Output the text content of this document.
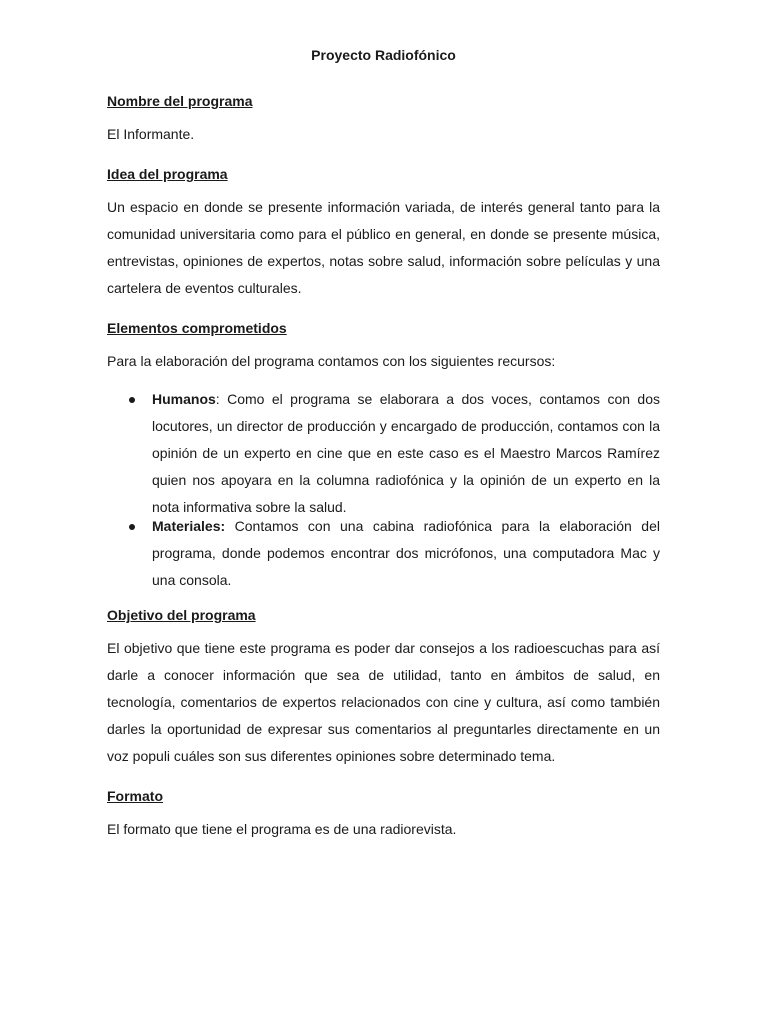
Proyecto Radiofónico
Nombre del programa

El Informante.

Idea del programa

Un espacio en donde se presente información variada, de interés general tanto para la comunidad universitaria como para el público en general, en donde se presente música, entrevistas, opiniones de expertos, notas sobre salud, información sobre películas y una cartelera de eventos culturales.

Elementos comprometidos

Para la elaboración del programa contamos con los siguientes recursos:

Humanos: Como el programa se elaborara a dos voces, contamos con dos locutores, un director de producción y encargado de producción, contamos con la opinión de un experto en cine que en este caso es el Maestro Marcos Ramírez quien nos apoyara en la columna radiofónica y la opinión de un experto en la nota informativa sobre la salud.
Materiales: Contamos con una cabina radiofónica para la elaboración del programa, donde podemos encontrar dos micrófonos, una computadora Mac y una consola.
Objetivo del programa

El objetivo que tiene este programa es poder dar consejos a los radioescuchas para así darle a conocer información que sea de utilidad, tanto en ámbitos de salud, en tecnología, comentarios de expertos relacionados con cine y cultura, así como también darles la oportunidad de expresar sus comentarios al preguntarles directamente en un voz populi cuáles son sus diferentes opiniones sobre determinado tema.

Formato

El formato que tiene el programa es de una radiorevista.
